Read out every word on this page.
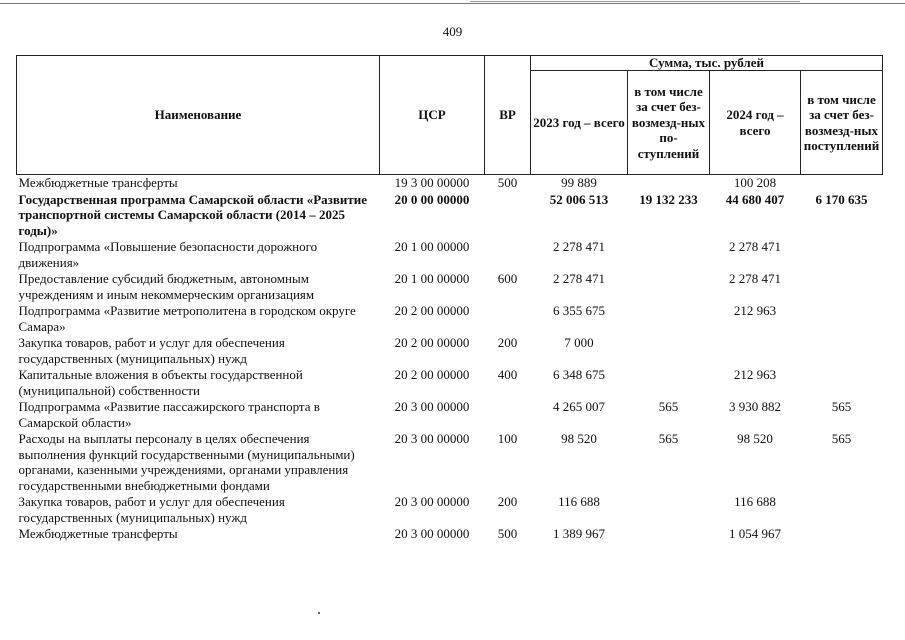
409
Наименование	ЦСР	ВР	Сумма, тыс. рублей			
			2023 год – всего	в том числе за счет без-возмезд-ных по-ступлений	2024 год – всего	в том числе за счет без-возмезд-ных поступлений
Межбюджетные трансферты	19 3 00 00000	500	99 889		100 208	
Государственная программа Самарской области «Развитие транспортной системы Самарской области (2014 – 2025 годы)»	20 0 00 00000		52 006 513	19 132 233	44 680 407	6 170 635
Подпрограмма «Повышение безопасности дорожного движения»	20 1 00 00000		2 278 471		2 278 471	
Предоставление субсидий бюджетным, автономным учреждениям и иным некоммерческим организациям	20 1 00 00000	600	2 278 471		2 278 471	
Подпрограмма «Развитие метрополитена в городском округе Самара»	20 2 00 00000		6 355 675		212 963	
Закупка товаров, работ и услуг для обеспечения государственных (муниципальных) нужд	20 2 00 00000	200	7 000			
Капитальные вложения в объекты государственной (муниципальной) собственности	20 2 00 00000	400	6 348 675		212 963	
Подпрограмма «Развитие пассажирского транспорта в Самарской области»	20 3 00 00000		4 265 007	565	3 930 882	565
Расходы на выплаты персоналу в целях обеспечения выполнения функций государственными (муниципальными) органами, казенными учреждениями, органами управления государственными внебюджетными фондами	20 3 00 00000	100	98 520	565	98 520	565
Закупка товаров, работ и услуг для обеспечения государственных (муниципальных) нужд	20 3 00 00000	200	116 688		116 688	
Межбюджетные трансферты	20 3 00 00000	500	1 389 967		1 054 967	
